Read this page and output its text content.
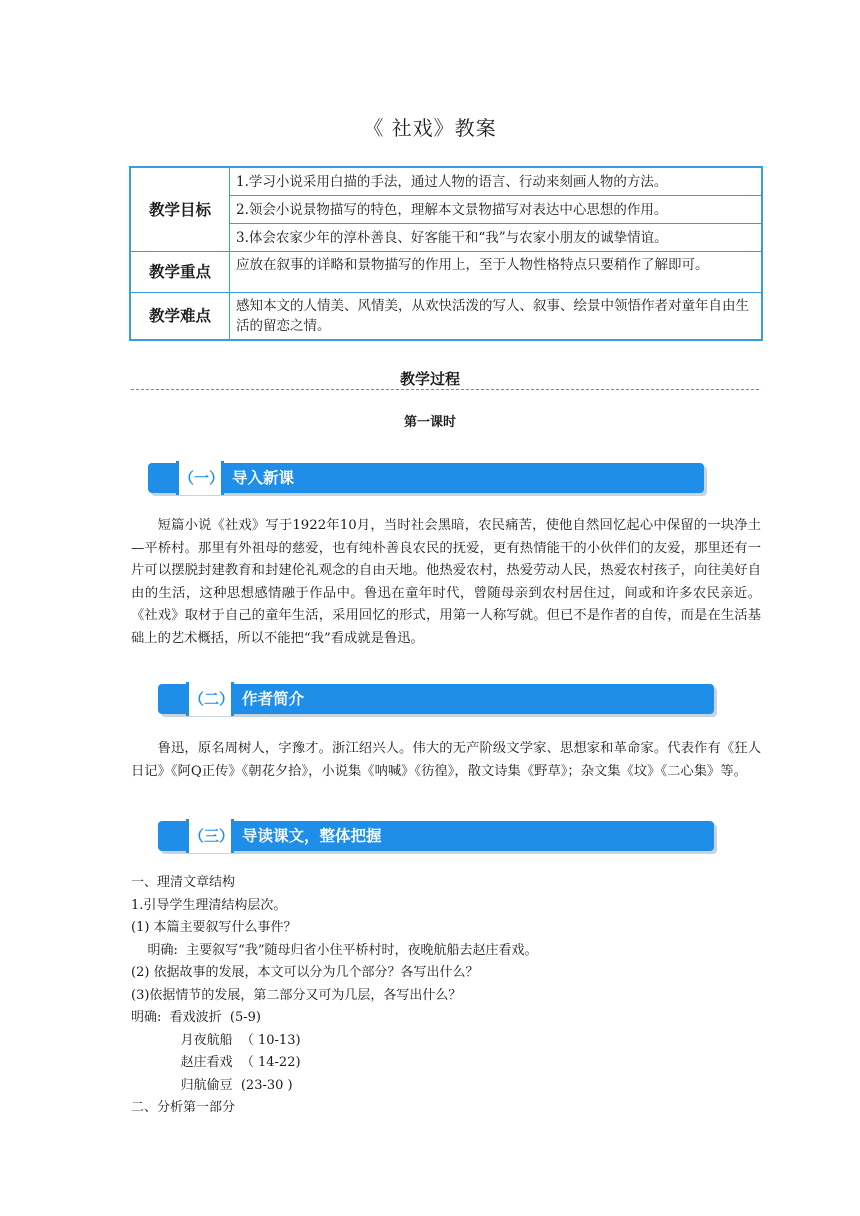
《 社戏》教案
教学目标	1.学习小说采用白描的手法，通过人物的语言、行动来刻画人物的方法。
	2.领会小说景物描写的特色，理解本文景物描写对表达中心思想的作用。
	3.体会农家少年的淳朴善良、好客能干和“我”与农家小朋友的诚挚情谊。
教学重点	应放在叙事的详略和景物描写的作用上，至于人物性格特点只要稍作了解即可。
教学难点	感知本文的人情美、风情美，从欢快活泼的写人、叙事、绘景中领悟作者对童年自由生活的留恋之情。
教学过程
第一课时
（一） 导入新课
短篇小说《社戏》写于1922年10月，当时社会黑暗，农民痛苦，使他自然回忆起心中保留的一块净土—平桥村。那里有外祖母的慈爱，也有纯朴善良农民的抚爱，更有热情能干的小伙伴们的友爱，那里还有一片可以摆脱封建教育和封建伦礼观念的自由天地。他热爱农村，热爱劳动人民，热爱农村孩子，向往美好自由的生活，这种思想感情融于作品中。鲁迅在童年时代，曾随母亲到农村居住过，间或和许多农民亲近。《社戏》取材于自己的童年生活，采用回忆的形式，用第一人称写就。但已不是作者的自传，而是在生活基础上的艺术概括，所以不能把“我”看成就是鲁迅。
（二） 作者简介
鲁迅，原名周树人，字豫才。浙江绍兴人。伟大的无产阶级文学家、思想家和革命家。代表作有《狂人日记》《阿Q正传》《朝花夕拾》，小说集《呐喊》《彷徨》，散文诗集《野草》；杂文集《坟》《二心集》等。
（三） 导读课文，整体把握
一、理清文章结构
1.引导学生理清结构层次。
(1) 本篇主要叙写什么事件？
明确:  主要叙写“我”随母归省小住平桥村时，夜晚航船去赵庄看戏。
(2) 依据故事的发展，本文可以分为几个部分？各写出什么？
(3)依据情节的发展，第二部分又可为几层，各写出什么？
明确:  看戏波折  (5-9)
月夜航船  （ 10-13)
赵庄看戏  （ 14-22)
归航偷豆  (23-30 )
二、分析第一部分
